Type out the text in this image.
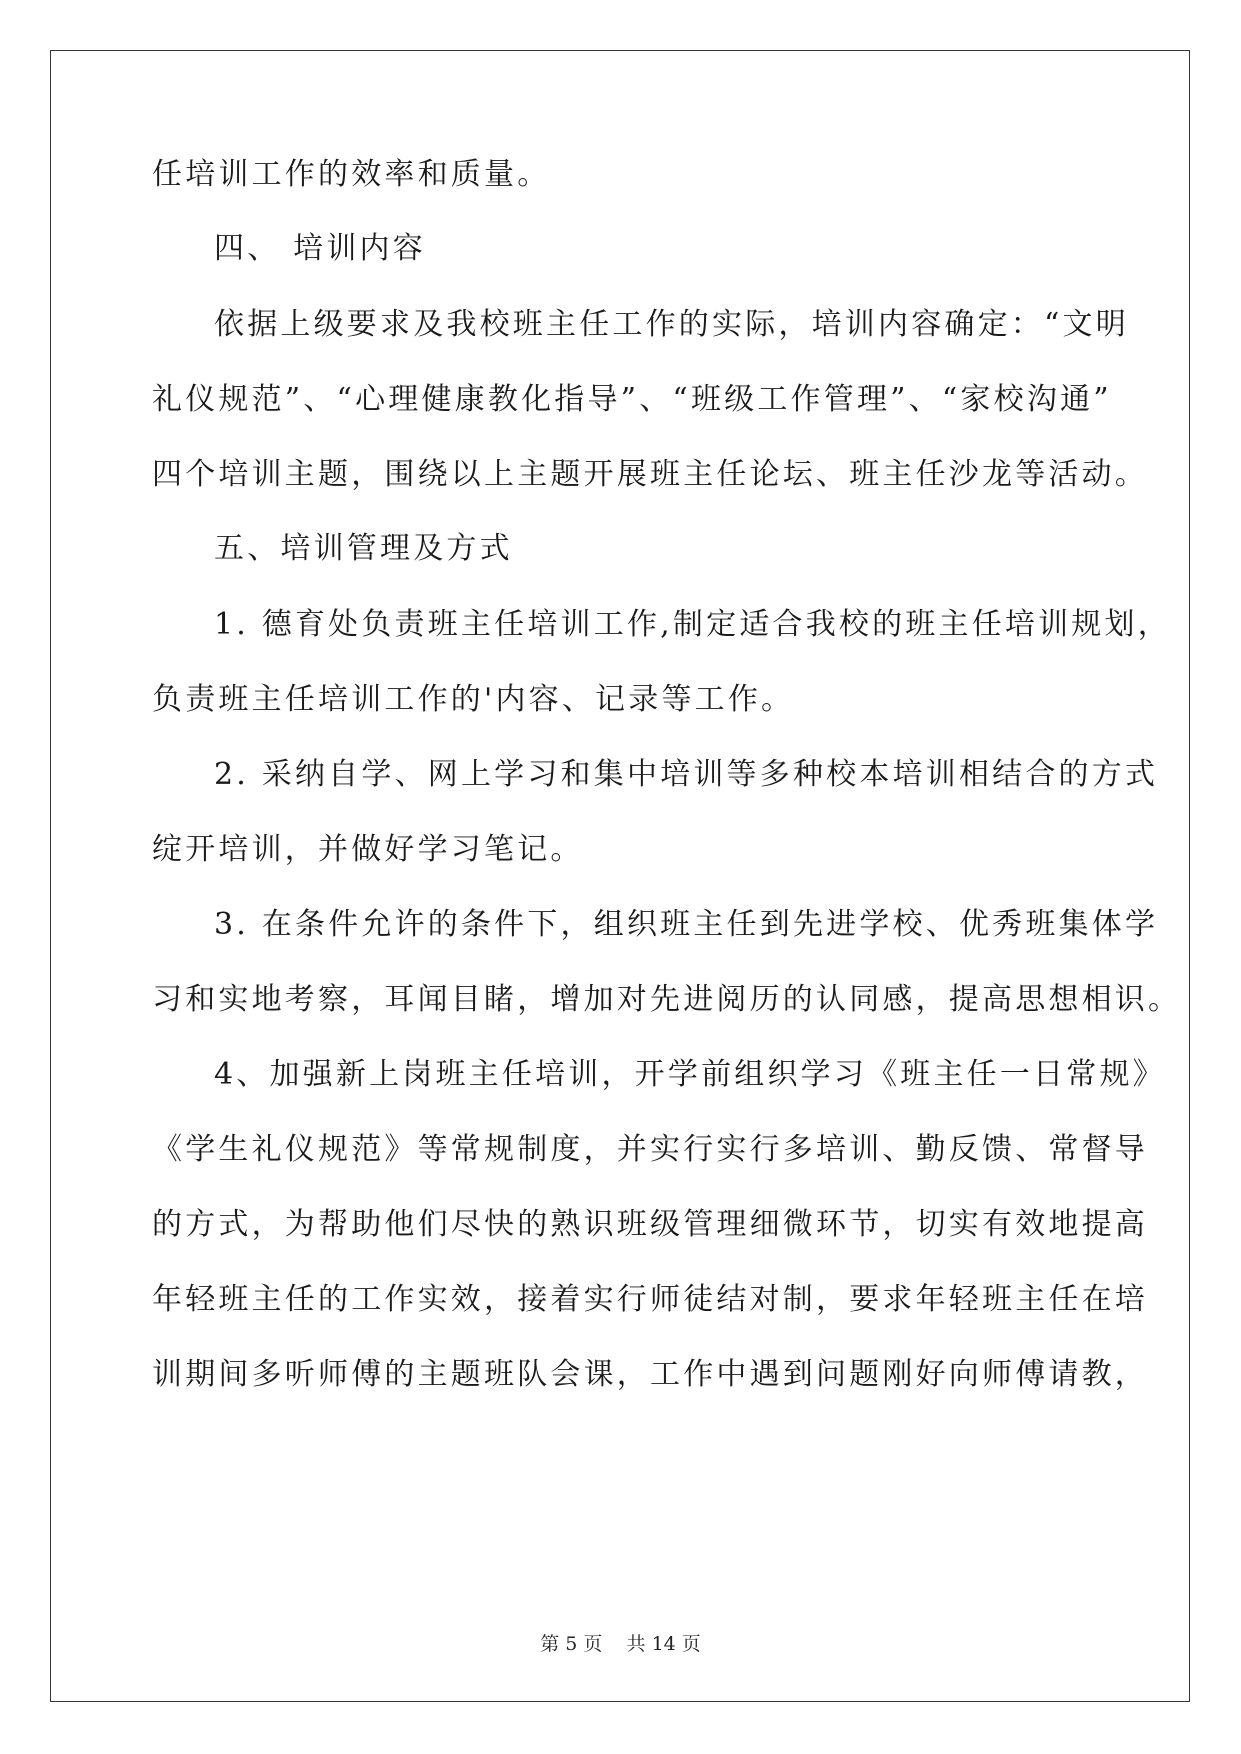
任培训工作的效率和质量。
四、 培训内容
依据上级要求及我校班主任工作的实际，培训内容确定：“文明
礼仪规范”、“心理健康教化指导”、“班级工作管理”、“家校沟通”
四个培训主题，围绕以上主题开展班主任论坛、班主任沙龙等活动。
五、培训管理及方式
1. 德育处负责班主任培训工作,制定适合我校的班主任培训规划，
负责班主任培训工作的'内容、记录等工作。
2. 采纳自学、网上学习和集中培训等多种校本培训相结合的方式
绽开培训，并做好学习笔记。
3. 在条件允许的条件下，组织班主任到先进学校、优秀班集体学
习和实地考察，耳闻目睹，增加对先进阅历的认同感，提高思想相识。
4、加强新上岗班主任培训，开学前组织学习《班主任一日常规》
《学生礼仪规范》等常规制度，并实行实行多培训、勤反馈、常督导
的方式，为帮助他们尽快的熟识班级管理细微环节，切实有效地提高
年轻班主任的工作实效，接着实行师徒结对制，要求年轻班主任在培
训期间多听师傅的主题班队会课，工作中遇到问题刚好向师傅请教，
第 5 页    共 14 页
